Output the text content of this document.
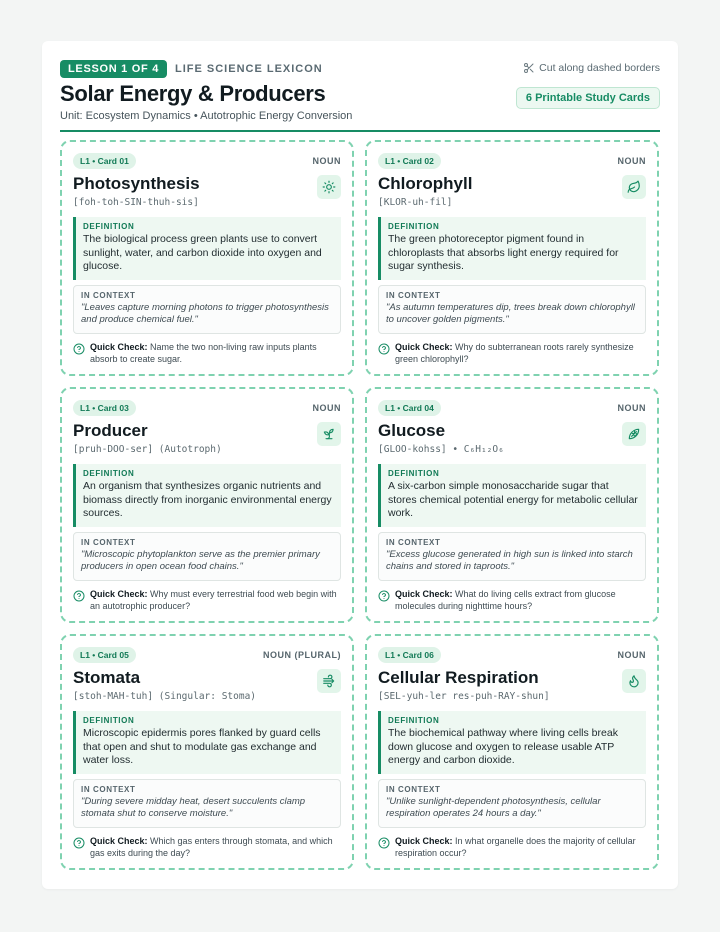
LESSON 1 OF 4	LIFE SCIENCE LEXICON	Cut along dashed borders
Solar Energy & Producers
Unit: Ecosystem Dynamics • Autotrophic Energy Conversion
6 Printable Study Cards
L1 • Card 01	NOUN
Photosynthesis
[foh-toh-SIN-thuh-sis]
DEFINITION
The biological process green plants use to convert sunlight, water, and carbon dioxide into oxygen and glucose.
IN CONTEXT
"Leaves capture morning photons to trigger photosynthesis and produce chemical fuel."
Quick Check: Name the two non-living raw inputs plants absorb to create sugar.
L1 • Card 02	NOUN
Chlorophyll
[KLOR-uh-fil]
DEFINITION
The green photoreceptor pigment found in chloroplasts that absorbs light energy required for sugar synthesis.
IN CONTEXT
"As autumn temperatures dip, trees break down chlorophyll to uncover golden pigments."
Quick Check: Why do subterranean roots rarely synthesize green chlorophyll?
L1 • Card 03	NOUN
Producer
[pruh-DOO-ser] (Autotroph)
DEFINITION
An organism that synthesizes organic nutrients and biomass directly from inorganic environmental energy sources.
IN CONTEXT
"Microscopic phytoplankton serve as the premier primary producers in open ocean food chains."
Quick Check: Why must every terrestrial food web begin with an autotrophic producer?
L1 • Card 04	NOUN
Glucose
[GLOO-kohss] • C₆H₁₂O₆
DEFINITION
A six-carbon simple monosaccharide sugar that stores chemical potential energy for metabolic cellular work.
IN CONTEXT
"Excess glucose generated in high sun is linked into starch chains and stored in taproots."
Quick Check: What do living cells extract from glucose molecules during nighttime hours?
L1 • Card 05	NOUN (PLURAL)
Stomata
[stoh-MAH-tuh] (Singular: Stoma)
DEFINITION
Microscopic epidermis pores flanked by guard cells that open and shut to modulate gas exchange and water loss.
IN CONTEXT
"During severe midday heat, desert succulents clamp stomata shut to conserve moisture."
Quick Check: Which gas enters through stomata, and which gas exits during the day?
L1 • Card 06	NOUN
Cellular Respiration
[SEL-yuh-ler res-puh-RAY-shun]
DEFINITION
The biochemical pathway where living cells break down glucose and oxygen to release usable ATP energy and carbon dioxide.
IN CONTEXT
"Unlike sunlight-dependent photosynthesis, cellular respiration operates 24 hours a day."
Quick Check: In what organelle does the majority of cellular respiration occur?
